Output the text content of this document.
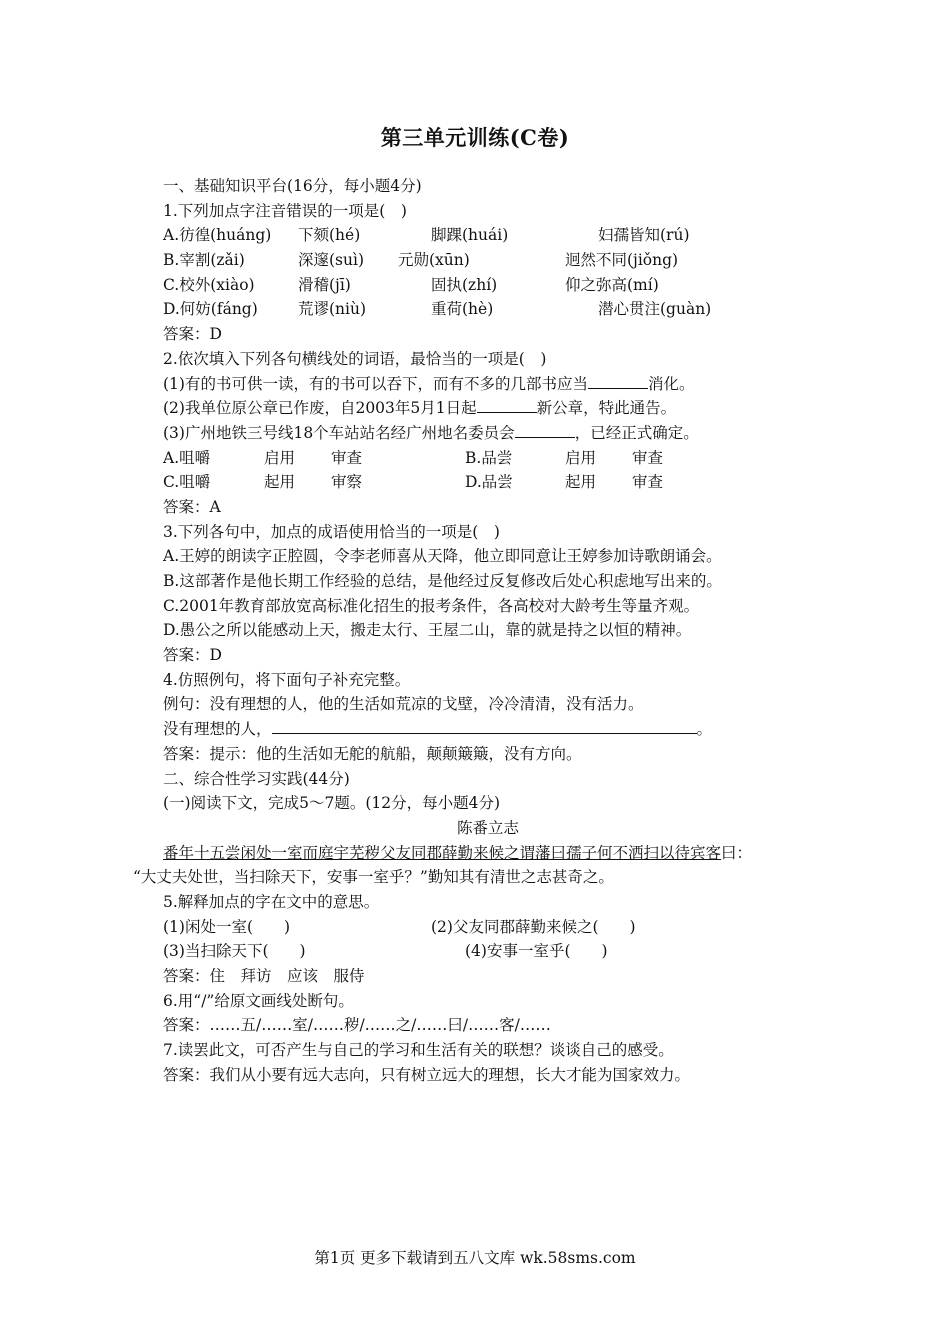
第三单元训练(C卷)
一、基础知识平台(16分，每小题4分)
1.下列加点字注音错误的一项是(　)
A.彷徨(huáng) 下颏(hé)	脚踝(huái)	妇孺皆知(rú)
B.宰割(zǎi)	深邃(suì) 元勋(xūn)	迥然不同(jiǒng)
C.校外(xiào)	滑稽(jī)	固执(zhí)	仰之弥高(mí)
D.何妨(fáng)	荒谬(niù)	重荷(hè)	潜心贯注(guàn)
答案：D
2.依次填入下列各句横线处的词语，最恰当的一项是(　)
(1)有的书可供一读，有的书可以吞下，而有不多的几部书应当	消化。
(2)我单位原公章已作废，自2003年5月1日起	新公章，特此通告。
(3)广州地铁三号线18个车站站名经广州地名委员会	，已经正式确定。
A.咀嚼	启用 审查	B.品尝	启用 审查
C.咀嚼	起用 审察	D.品尝	起用 审查
答案：A
3.下列各句中，加点的成语使用恰当的一项是(　)
A.王婷的朗读字正腔圆，令李老师喜从天降，他立即同意让王婷参加诗歌朗诵会。
B.这部著作是他长期工作经验的总结，是他经过反复修改后处心积虑地写出来的。
C.2001年教育部放宽高标准化招生的报考条件，各高校对大龄考生等量齐观。
D.愚公之所以能感动上天，搬走太行、王屋二山，靠的就是持之以恒的精神。
答案：D
4.仿照例句，将下面句子补充完整。
例句：没有理想的人，他的生活如荒凉的戈壁，冷冷清清，没有活力。
没有理想的人，	。
答案：提示：他的生活如无舵的航船，颠颠簸簸，没有方向。
二、综合性学习实践(44分)
(一)阅读下文，完成5～7题。(12分，每小题4分)
陈番立志
番年十五尝闲处一室而庭宇芜秽父友同郡薛勤来候之谓藩曰孺子何不洒扫以待宾客曰：
“大丈夫处世，当扫除天下，安事一室乎？”勤知其有清世之志甚奇之。
5.解释加点的字在文中的意思。
(1)闲处一室(　　)	(2)父友同郡薛勤来候之(　　)
(3)当扫除天下(　　)	(4)安事一室乎(　　)
答案：住　拜访　应该　服侍
6.用“/”给原文画线处断句。
答案：……五/……室/……秽/……之/……曰/……客/……
7.读罢此文，可否产生与自己的学习和生活有关的联想？谈谈自己的感受。
答案：我们从小要有远大志向，只有树立远大的理想，长大才能为国家效力。
第1页 更多下载请到五八文库 wk.58sms.com
